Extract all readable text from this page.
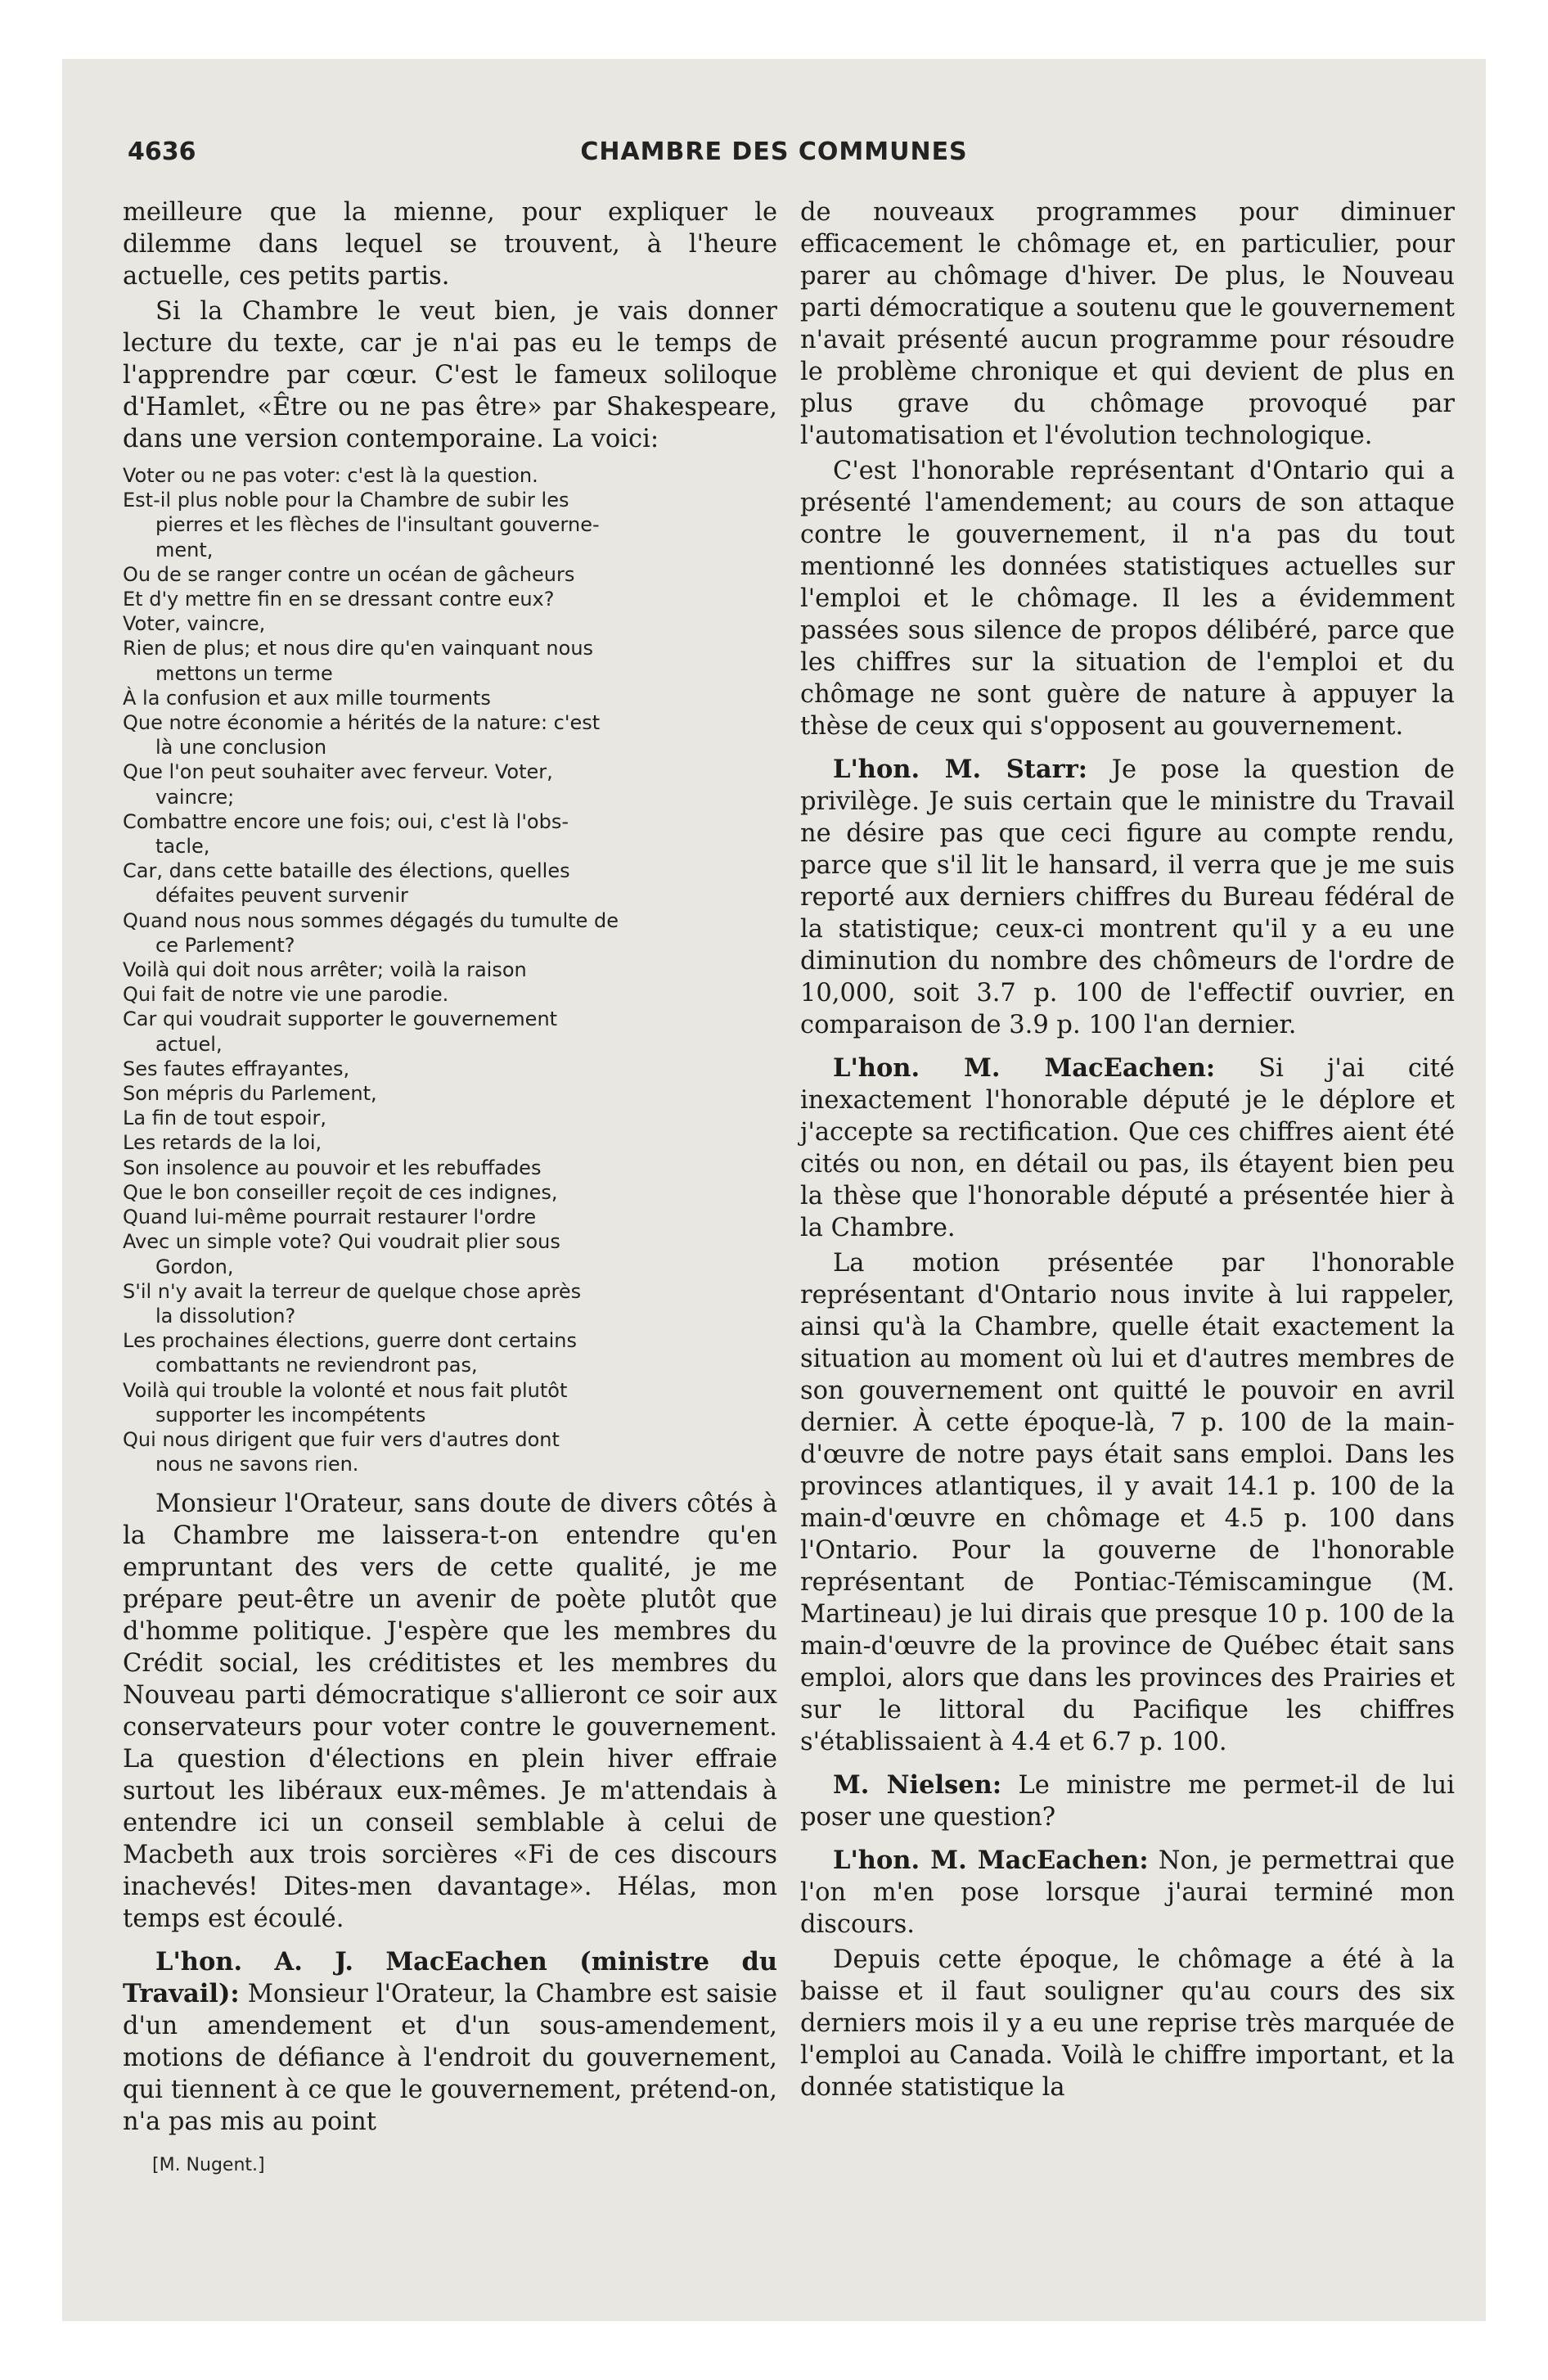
4636	CHAMBRE DES COMMUNES

meilleure que la mienne, pour expliquer le dilemme dans lequel se trouvent, à l'heure actuelle, ces petits partis.

Si la Chambre le veut bien, je vais donner lecture du texte, car je n'ai pas eu le temps de l'apprendre par cœur. C'est le fameux soliloque d'Hamlet, «Être ou ne pas être» par Shakespeare, dans une version contemporaine. La voici:

Voter ou ne pas voter: c'est là la question.
Est-il plus noble pour la Chambre de subir les
pierres et les flèches de l'insultant gouverne-
ment,
Ou de se ranger contre un océan de gâcheurs
Et d'y mettre fin en se dressant contre eux?
Voter, vaincre,
Rien de plus; et nous dire qu'en vainquant nous
mettons un terme
À la confusion et aux mille tourments
Que notre économie a hérités de la nature: c'est
là une conclusion
Que l'on peut souhaiter avec ferveur. Voter,
vaincre;
Combattre encore une fois; oui, c'est là l'obs-
tacle,
Car, dans cette bataille des élections, quelles
défaites peuvent survenir
Quand nous nous sommes dégagés du tumulte de
ce Parlement?
Voilà qui doit nous arrêter; voilà la raison
Qui fait de notre vie une parodie.
Car qui voudrait supporter le gouvernement
actuel,
Ses fautes effrayantes,
Son mépris du Parlement,
La fin de tout espoir,
Les retards de la loi,
Son insolence au pouvoir et les rebuffades
Que le bon conseiller reçoit de ces indignes,
Quand lui-même pourrait restaurer l'ordre
Avec un simple vote? Qui voudrait plier sous
Gordon,
S'il n'y avait la terreur de quelque chose après
la dissolution?
Les prochaines élections, guerre dont certains
combattants ne reviendront pas,
Voilà qui trouble la volonté et nous fait plutôt
supporter les incompétents
Qui nous dirigent que fuir vers d'autres dont
nous ne savons rien.

Monsieur l'Orateur, sans doute de divers côtés à la Chambre me laissera-t-on entendre qu'en empruntant des vers de cette qualité, je me prépare peut-être un avenir de poète plutôt que d'homme politique. J'espère que les membres du Crédit social, les créditistes et les membres du Nouveau parti démocratique s'allieront ce soir aux conservateurs pour voter contre le gouvernement. La question d'élections en plein hiver effraie surtout les libéraux eux-mêmes. Je m'attendais à entendre ici un conseil semblable à celui de Macbeth aux trois sorcières «Fi de ces discours inachevés! Dites-men davantage». Hélas, mon temps est écoulé.

L'hon. A. J. MacEachen (ministre du Travail): Monsieur l'Orateur, la Chambre est saisie d'un amendement et d'un sous-amendement, motions de défiance à l'endroit du gouvernement, qui tiennent à ce que le gouvernement, prétend-on, n'a pas mis au point

[M. Nugent.]

de nouveaux programmes pour diminuer efficacement le chômage et, en particulier, pour parer au chômage d'hiver. De plus, le Nouveau parti démocratique a soutenu que le gouvernement n'avait présenté aucun programme pour résoudre le problème chronique et qui devient de plus en plus grave du chômage provoqué par l'automatisation et l'évolution technologique.

C'est l'honorable représentant d'Ontario qui a présenté l'amendement; au cours de son attaque contre le gouvernement, il n'a pas du tout mentionné les données statistiques actuelles sur l'emploi et le chômage. Il les a évidemment passées sous silence de propos délibéré, parce que les chiffres sur la situation de l'emploi et du chômage ne sont guère de nature à appuyer la thèse de ceux qui s'opposent au gouvernement.

L'hon. M. Starr: Je pose la question de privilège. Je suis certain que le ministre du Travail ne désire pas que ceci figure au compte rendu, parce que s'il lit le hansard, il verra que je me suis reporté aux derniers chiffres du Bureau fédéral de la statistique; ceux-ci montrent qu'il y a eu une diminution du nombre des chômeurs de l'ordre de 10,000, soit 3.7 p. 100 de l'effectif ouvrier, en comparaison de 3.9 p. 100 l'an dernier.

L'hon. M. MacEachen: Si j'ai cité inexactement l'honorable député je le déplore et j'accepte sa rectification. Que ces chiffres aient été cités ou non, en détail ou pas, ils étayent bien peu la thèse que l'honorable député a présentée hier à la Chambre.

La motion présentée par l'honorable représentant d'Ontario nous invite à lui rappeler, ainsi qu'à la Chambre, quelle était exactement la situation au moment où lui et d'autres membres de son gouvernement ont quitté le pouvoir en avril dernier. À cette époque-là, 7 p. 100 de la main-d'œuvre de notre pays était sans emploi. Dans les provinces atlantiques, il y avait 14.1 p. 100 de la main-d'œuvre en chômage et 4.5 p. 100 dans l'Ontario. Pour la gouverne de l'honorable représentant de Pontiac-Témiscamingue (M. Martineau) je lui dirais que presque 10 p. 100 de la main-d'œuvre de la province de Québec était sans emploi, alors que dans les provinces des Prairies et sur le littoral du Pacifique les chiffres s'établissaient à 4.4 et 6.7 p. 100.

M. Nielsen: Le ministre me permet-il de lui poser une question?

L'hon. M. MacEachen: Non, je permettrai que l'on m'en pose lorsque j'aurai terminé mon discours.

Depuis cette époque, le chômage a été à la baisse et il faut souligner qu'au cours des six derniers mois il y a eu une reprise très marquée de l'emploi au Canada. Voilà le chiffre important, et la donnée statistique la
